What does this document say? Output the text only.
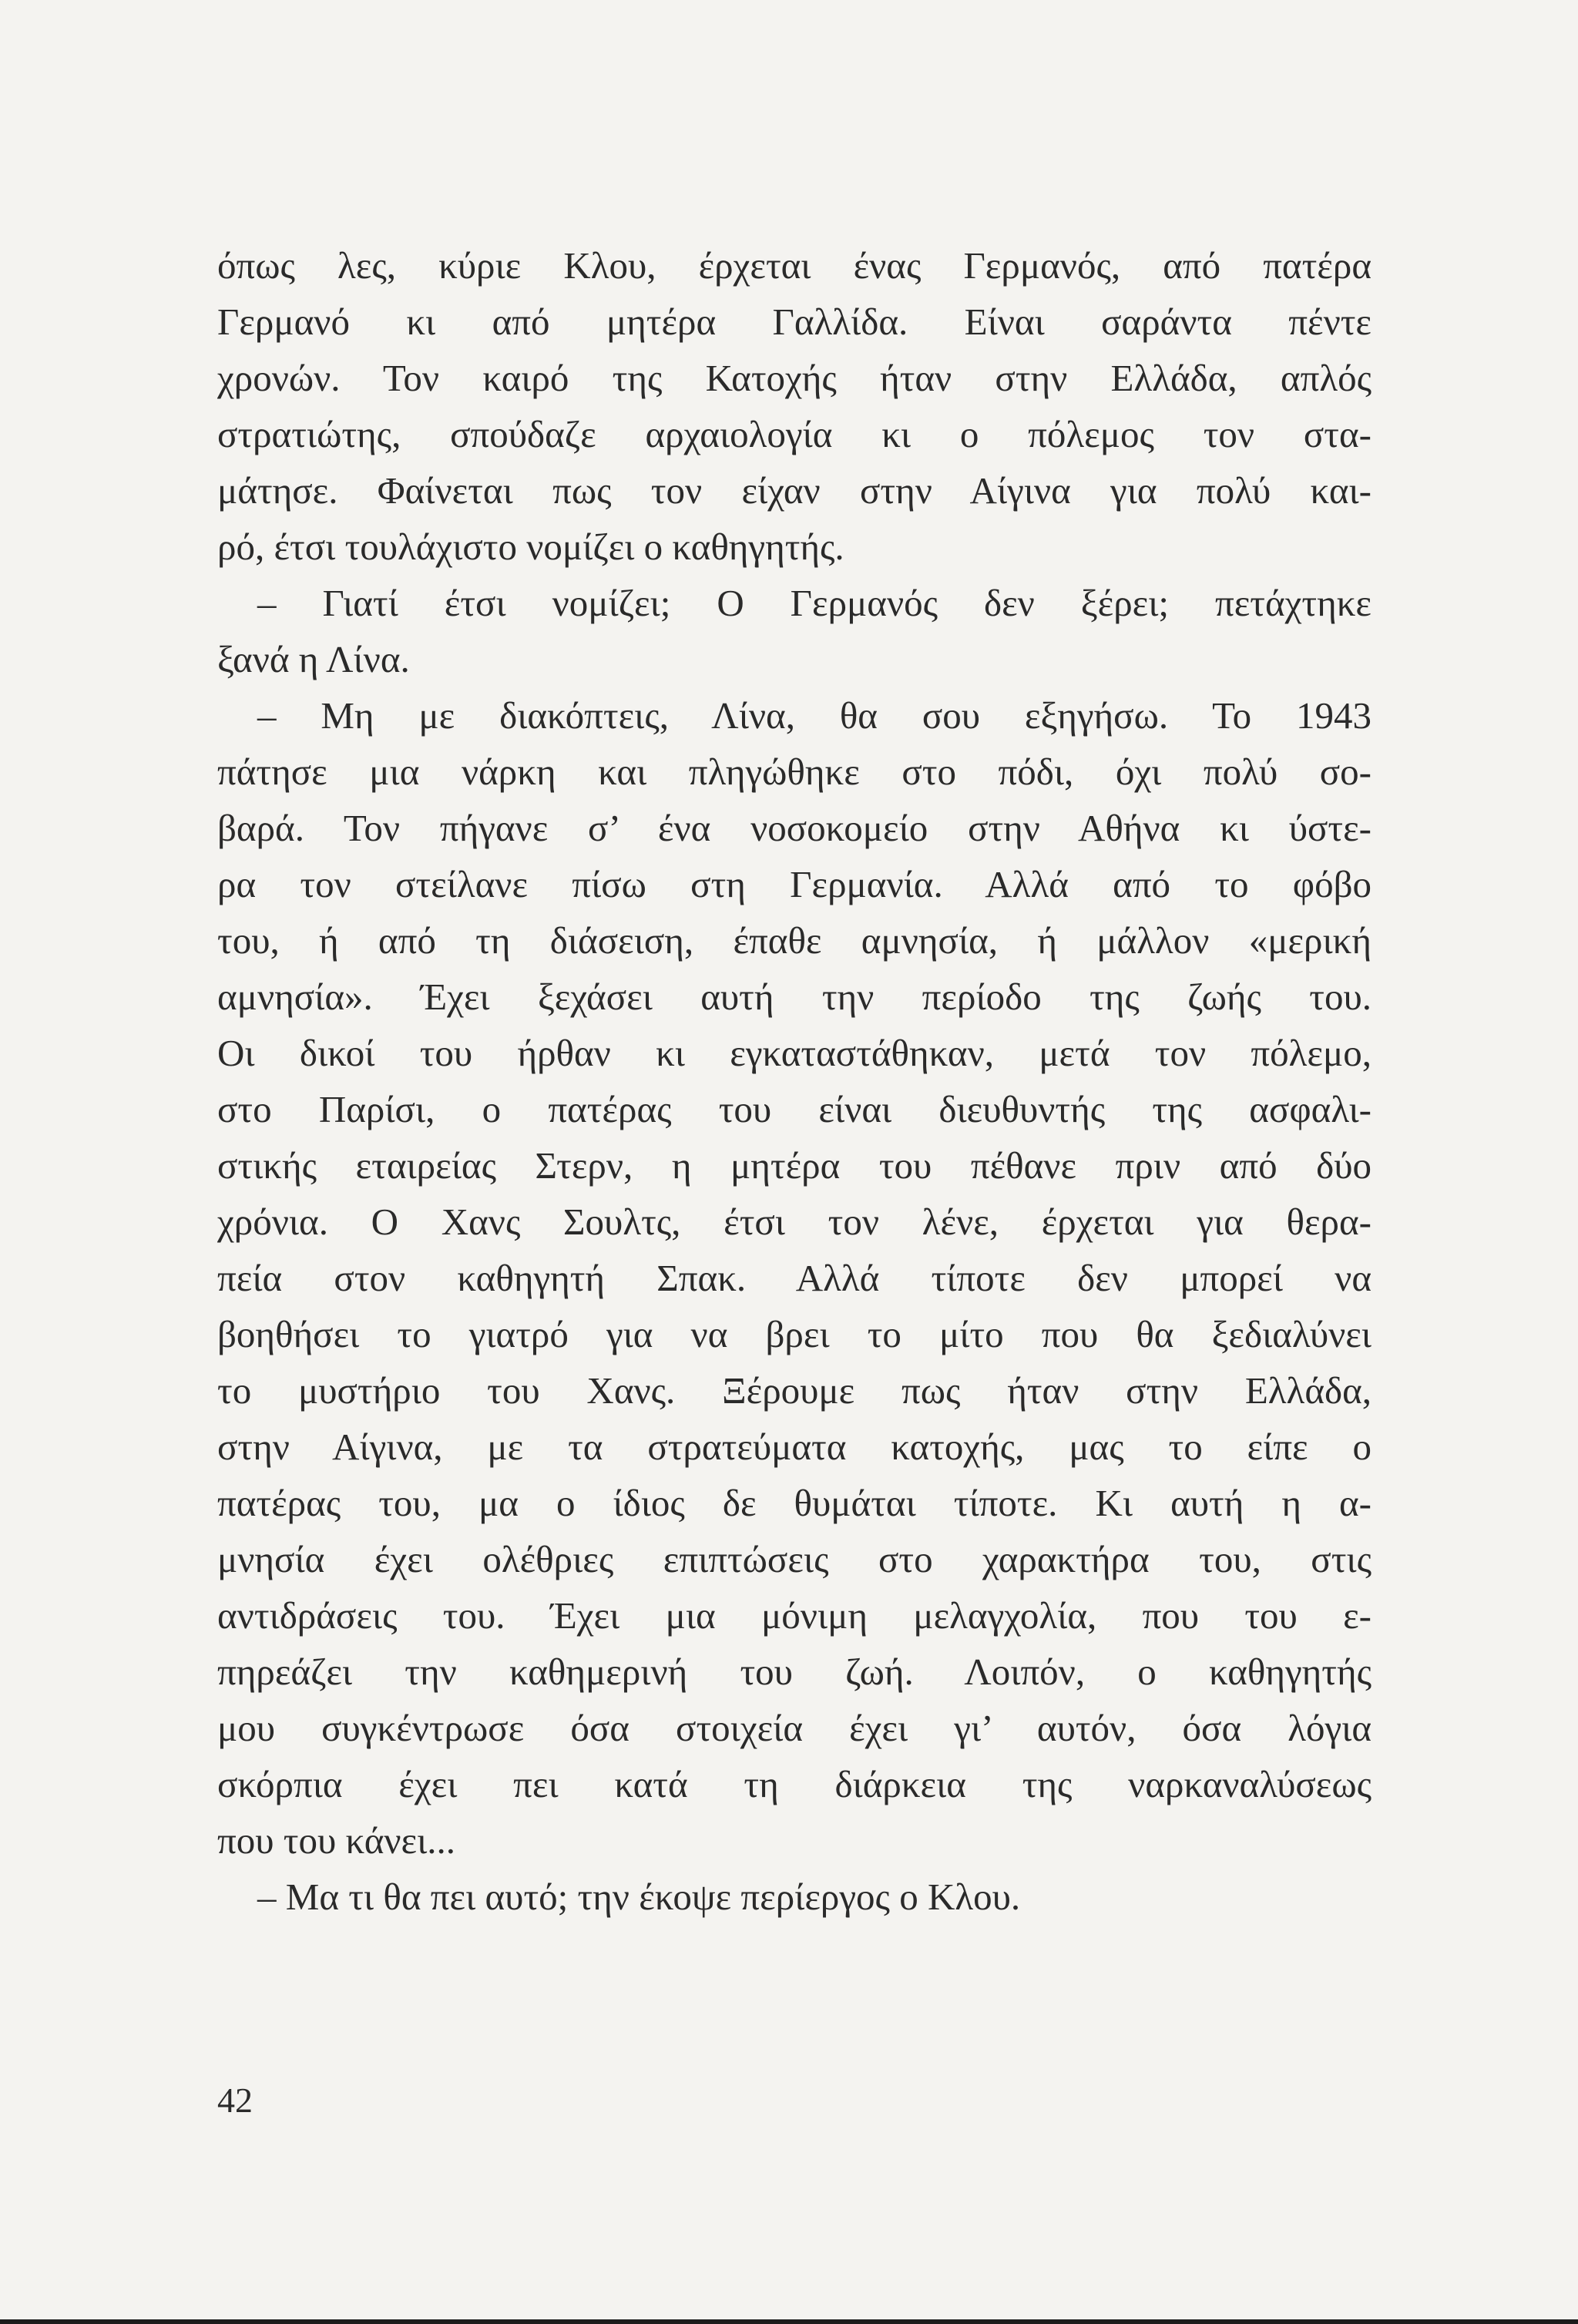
όπως λες, κύριε Κλου, έρχεται ένας Γερμανός, από πατέρα
Γερμανό κι από μητέρα Γαλλίδα. Είναι σαράντα πέντε
χρονών. Τον καιρό της Κατοχής ήταν στην Ελλάδα, απλός
στρατιώτης, σπούδαζε αρχαιολογία κι ο πόλεμος τον στα-
μάτησε. Φαίνεται πως τον είχαν στην Αίγινα για πολύ και-
ρό, έτσι τουλάχιστο νομίζει ο καθηγητής.
– Γιατί έτσι νομίζει; Ο Γερμανός δεν ξέρει; πετάχτηκε
ξανά η Λίνα.
– Μη με διακόπτεις, Λίνα, θα σου εξηγήσω. Το 1943
πάτησε μια νάρκη και πληγώθηκε στο πόδι, όχι πολύ σο-
βαρά. Τον πήγανε σ’ ένα νοσοκομείο στην Αθήνα κι ύστε-
ρα τον στείλανε πίσω στη Γερμανία. Αλλά από το φόβο
του, ή από τη διάσειση, έπαθε αμνησία, ή μάλλον «μερική
αμνησία». Έχει ξεχάσει αυτή την περίοδο της ζωής του.
Οι δικοί του ήρθαν κι εγκαταστάθηκαν, μετά τον πόλεμο,
στο Παρίσι, ο πατέρας του είναι διευθυντής της ασφαλι-
στικής εταιρείας Στερν, η μητέρα του πέθανε πριν από δύο
χρόνια. Ο Χανς Σουλτς, έτσι τον λένε, έρχεται για θερα-
πεία στον καθηγητή Σπακ. Αλλά τίποτε δεν μπορεί να
βοηθήσει το γιατρό για να βρει το μίτο που θα ξεδιαλύνει
το μυστήριο του Χανς. Ξέρουμε πως ήταν στην Ελλάδα,
στην Αίγινα, με τα στρατεύματα κατοχής, μας το είπε ο
πατέρας του, μα ο ίδιος δε θυμάται τίποτε. Κι αυτή η α-
μνησία έχει ολέθριες επιπτώσεις στο χαρακτήρα του, στις
αντιδράσεις του. Έχει μια μόνιμη μελαγχολία, που του ε-
πηρεάζει την καθημερινή του ζωή. Λοιπόν, ο καθηγητής
μου συγκέντρωσε όσα στοιχεία έχει γι’ αυτόν, όσα λόγια
σκόρπια έχει πει κατά τη διάρκεια της ναρκαναλύσεως
που του κάνει...
– Μα τι θα πει αυτό; την έκοψε περίεργος ο Κλου.
42
